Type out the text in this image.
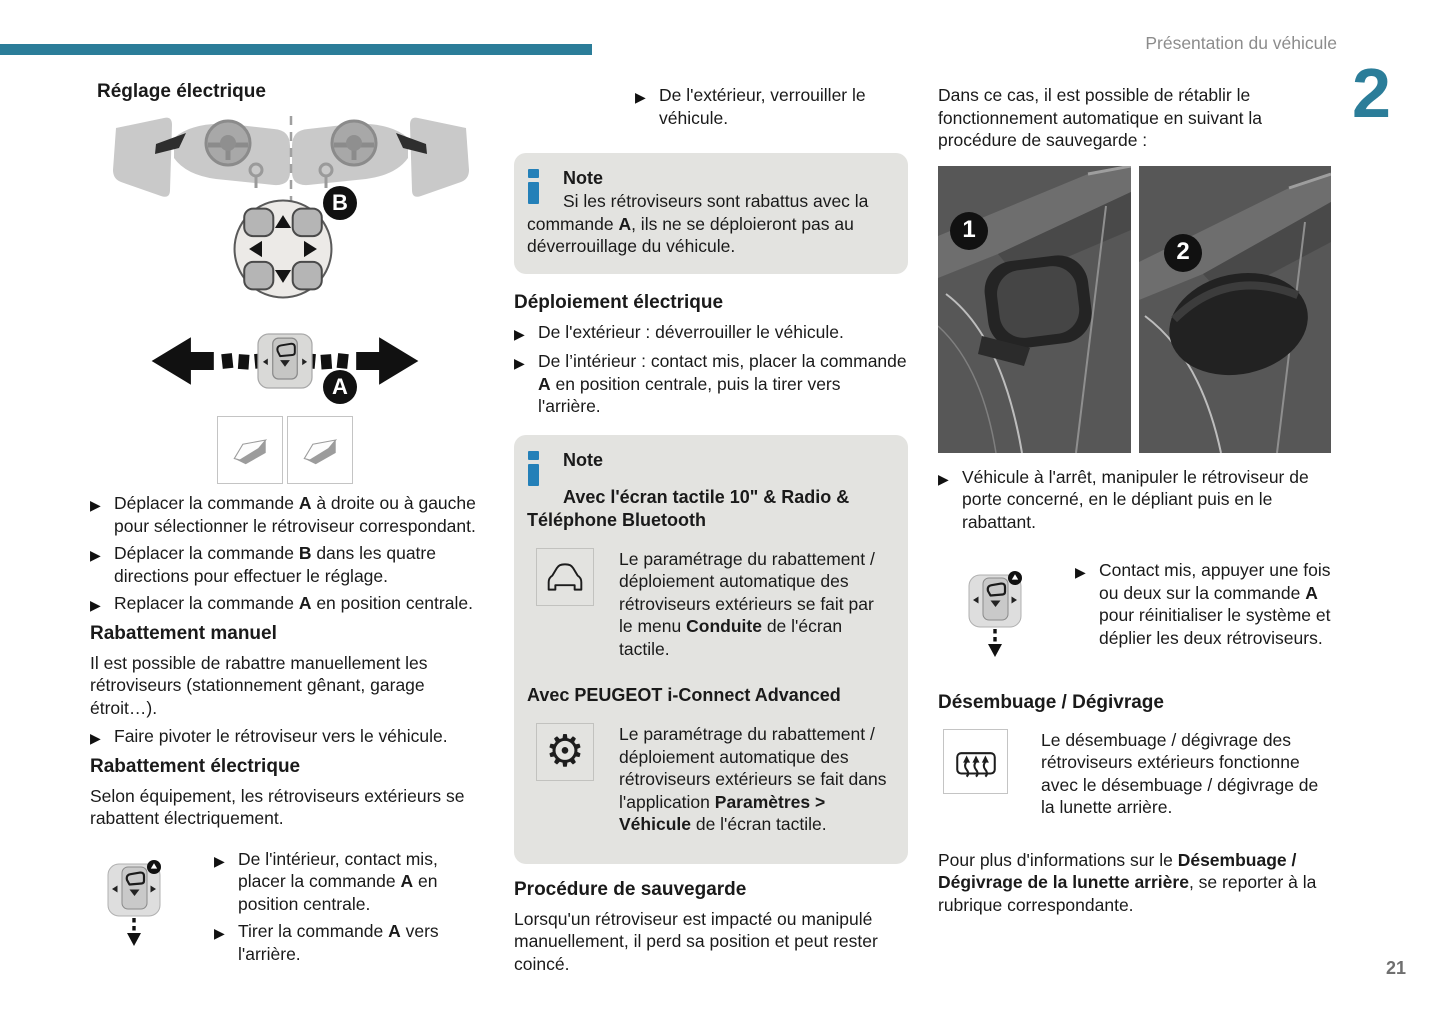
Présentation du véhicule
2
21
Réglage électrique
B
A
▶ Déplacer la commande A à droite ou à gauche pour sélectionner le rétroviseur correspondant.
▶ Déplacer la commande B dans les quatre directions pour effectuer le réglage.
▶ Replacer la commande A en position centrale.
Rabattement manuel

Il est possible de rabattre manuellement les rétroviseurs (stationnement gênant, garage étroit…).

▶ Faire pivoter le rétroviseur vers le véhicule.
Rabattement électrique

Selon équipement, les rétroviseurs extérieurs se rabattent électriquement.

▶ De l'intérieur, contact mis, placer la commande A en position centrale.
▶ Tirer la commande A vers l'arrière.
▶ De l'extérieur, verrouiller le véhicule.
Note

Si les rétroviseurs sont rabattus avec la commande A, ils ne se déploieront pas au déverrouillage du véhicule.

Déploiement électrique
▶ De l'extérieur : déverrouiller le véhicule.
▶ De l’intérieur : contact mis, placer la commande A en position centrale, puis la tirer vers l'arrière.
Note
Avec l'écran tactile 10" & Radio & Téléphone Bluetooth

Le paramétrage du rabattement / déploiement automatique des rétroviseurs extérieurs se fait par le menu Conduite de l'écran tactile.

Avec PEUGEOT i-Connect Advanced
⚙ Le paramétrage du rabattement / déploiement automatique des rétroviseurs extérieurs se fait dans l'application Paramètres > Véhicule de l'écran tactile.

Procédure de sauvegarde

Lorsqu'un rétroviseur est impacté ou manipulé manuellement, il perd sa position et peut rester coincé.

Dans ce cas, il est possible de rétablir le fonctionnement automatique en suivant la procédure de sauvegarde :

1
2
▶ Véhicule à l'arrêt, manipuler le rétroviseur de porte concerné, en le dépliant puis en le rabattant.
▶ Contact mis, appuyer une fois ou deux sur la commande A pour réinitialiser le système et déplier les deux rétroviseurs.
Désembuage / Dégivrage

Le désembuage / dégivrage des rétroviseurs extérieurs fonctionne avec le désembuage / dégivrage de la lunette arrière.

Pour plus d'informations sur le Désembuage / Dégivrage de la lunette arrière, se reporter à la rubrique correspondante.
